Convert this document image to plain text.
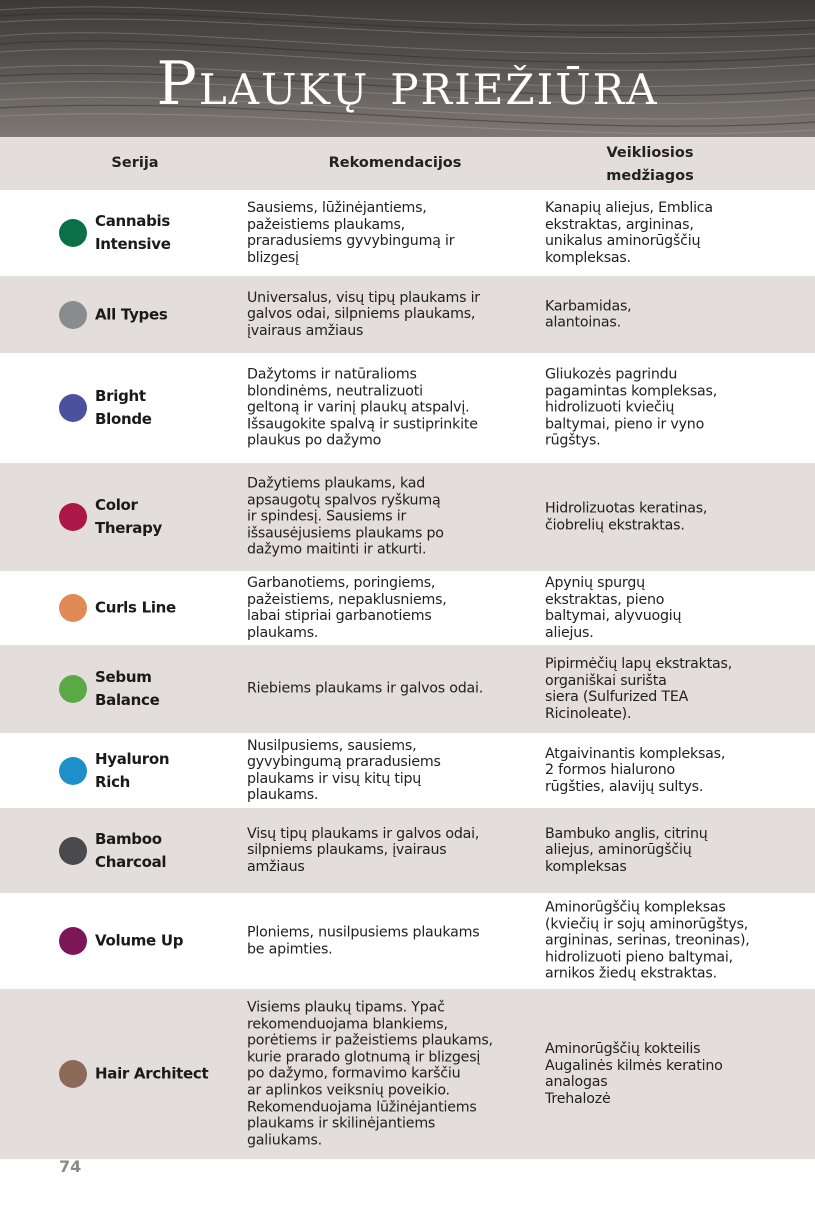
Plaukų priežiūra
Serija	Rekomendacijos
Veikliosios
medžiagos
Cannabis
Intensive
Sausiems, lūžinėjantiems,
pažeistiems plaukams,
praradusiems gyvybingumą ir
blizgesį
Kanapių aliejus, Emblica
ekstraktas, argininas,
unikalus aminorūgščių
kompleksas.
All Types
Universalus, visų tipų plaukams ir
galvos odai, silpniems plaukams,
įvairaus amžiaus
Karbamidas,
alantoinas.
Bright
Blonde
Dažytoms ir natūralioms
blondinėms, neutralizuoti
geltoną ir varinį plaukų atspalvį.
Išsaugokite spalvą ir sustiprinkite
plaukus po dažymo
Gliukozės pagrindu
pagamintas kompleksas,
hidrolizuoti kviečių
baltymai, pieno ir vyno
rūgštys.
Color
Therapy
Dažytiems plaukams, kad
apsaugotų spalvos ryškumą
ir spindesį. Sausiems ir
išsausėjusiems plaukams po
dažymo maitinti ir atkurti.
Hidrolizuotas keratinas,
čiobrelių ekstraktas.
Curls Line
Garbanotiems, poringiems,
pažeistiems, nepaklusniems,
labai stipriai garbanotiems
plaukams.
Apynių spurgų
ekstraktas, pieno
baltymai, alyvuogių
aliejus.
Sebum
Balance
Riebiems plaukams ir galvos odai.
Pipirmėčių lapų ekstraktas,
organiškai surišta
siera (Sulfurized TEA
Ricinoleate).
Hyaluron
Rich
Nusilpusiems, sausiems,
gyvybingumą praradusiems
plaukams ir visų kitų tipų
plaukams.
Atgaivinantis kompleksas,
2 formos hialurono
rūgšties, alavijų sultys.
Bamboo
Charcoal
Visų tipų plaukams ir galvos odai,
silpniems plaukams, įvairaus
amžiaus
Bambuko anglis, citrinų
aliejus, aminorūgščių
kompleksas
Volume Up	Ploniems, nusilpusiems plaukams
be apimties.
Aminorūgščių kompleksas
(kviečių ir sojų aminorūgštys,
argininas, serinas, treoninas),
hidrolizuoti pieno baltymai,
arnikos žiedų ekstraktas.
Hair Architect
Visiems plaukų tipams. Ypač
rekomenduojama blankiems,
porėtiems ir pažeistiems plaukams,
kurie prarado glotnumą ir blizgesį
po dažymo, formavimo karščiu
ar aplinkos veiksnių poveikio.
Rekomenduojama lūžinėjantiems
plaukams ir skilinėjantiems
galiukams.
Aminorūgščių kokteilis
Augalinės kilmės keratino
analogas
Trehalozė
74
